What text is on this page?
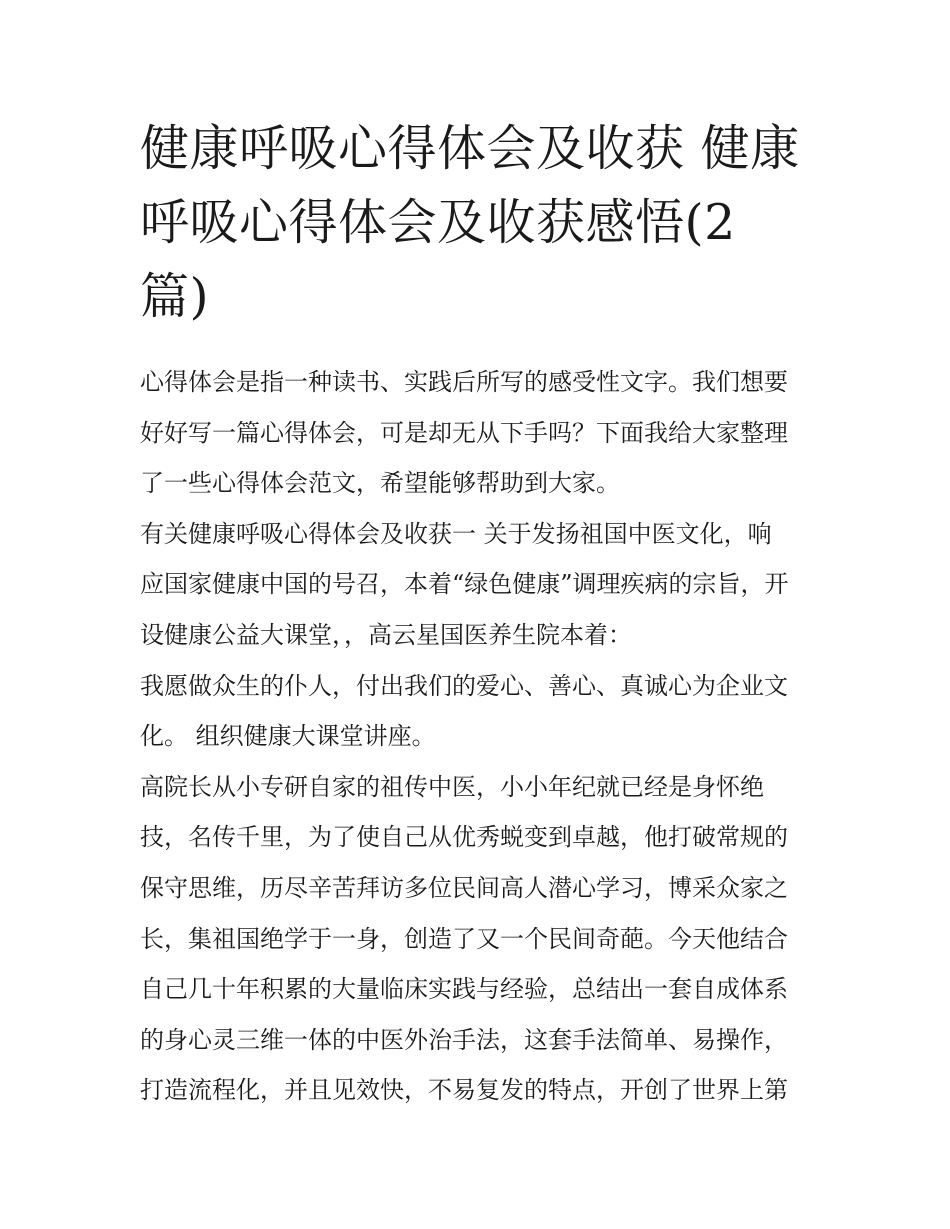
健康呼吸心得体会及收获 健康
呼吸心得体会及收获感悟(2
篇)

心得体会是指一种读书、实践后所写的感受性文字。我们想要
好好写一篇心得体会，可是却无从下手吗？下面我给大家整理
了一些心得体会范文，希望能够帮助到大家。

有关健康呼吸心得体会及收获一 关于发扬祖国中医文化，响
应国家健康中国的号召，本着“绿色健康”调理疾病的宗旨，开
设健康公益大课堂，，高云星国医养生院本着：

我愿做众生的仆人，付出我们的爱心、善心、真诚心为企业文
化。 组织健康大课堂讲座。

高院长从小专研自家的祖传中医，小小年纪就已经是身怀绝
技，名传千里，为了使自己从优秀蜕变到卓越，他打破常规的
保守思维，历尽辛苦拜访多位民间高人潜心学习，博采众家之
长，集祖国绝学于一身，创造了又一个民间奇葩。今天他结合
自己几十年积累的大量临床实践与经验，总结出一套自成体系
的身心灵三维一体的中医外治手法，这套手法简单、易操作，
打造流程化，并且见效快，不易复发的特点，开创了世界上第
